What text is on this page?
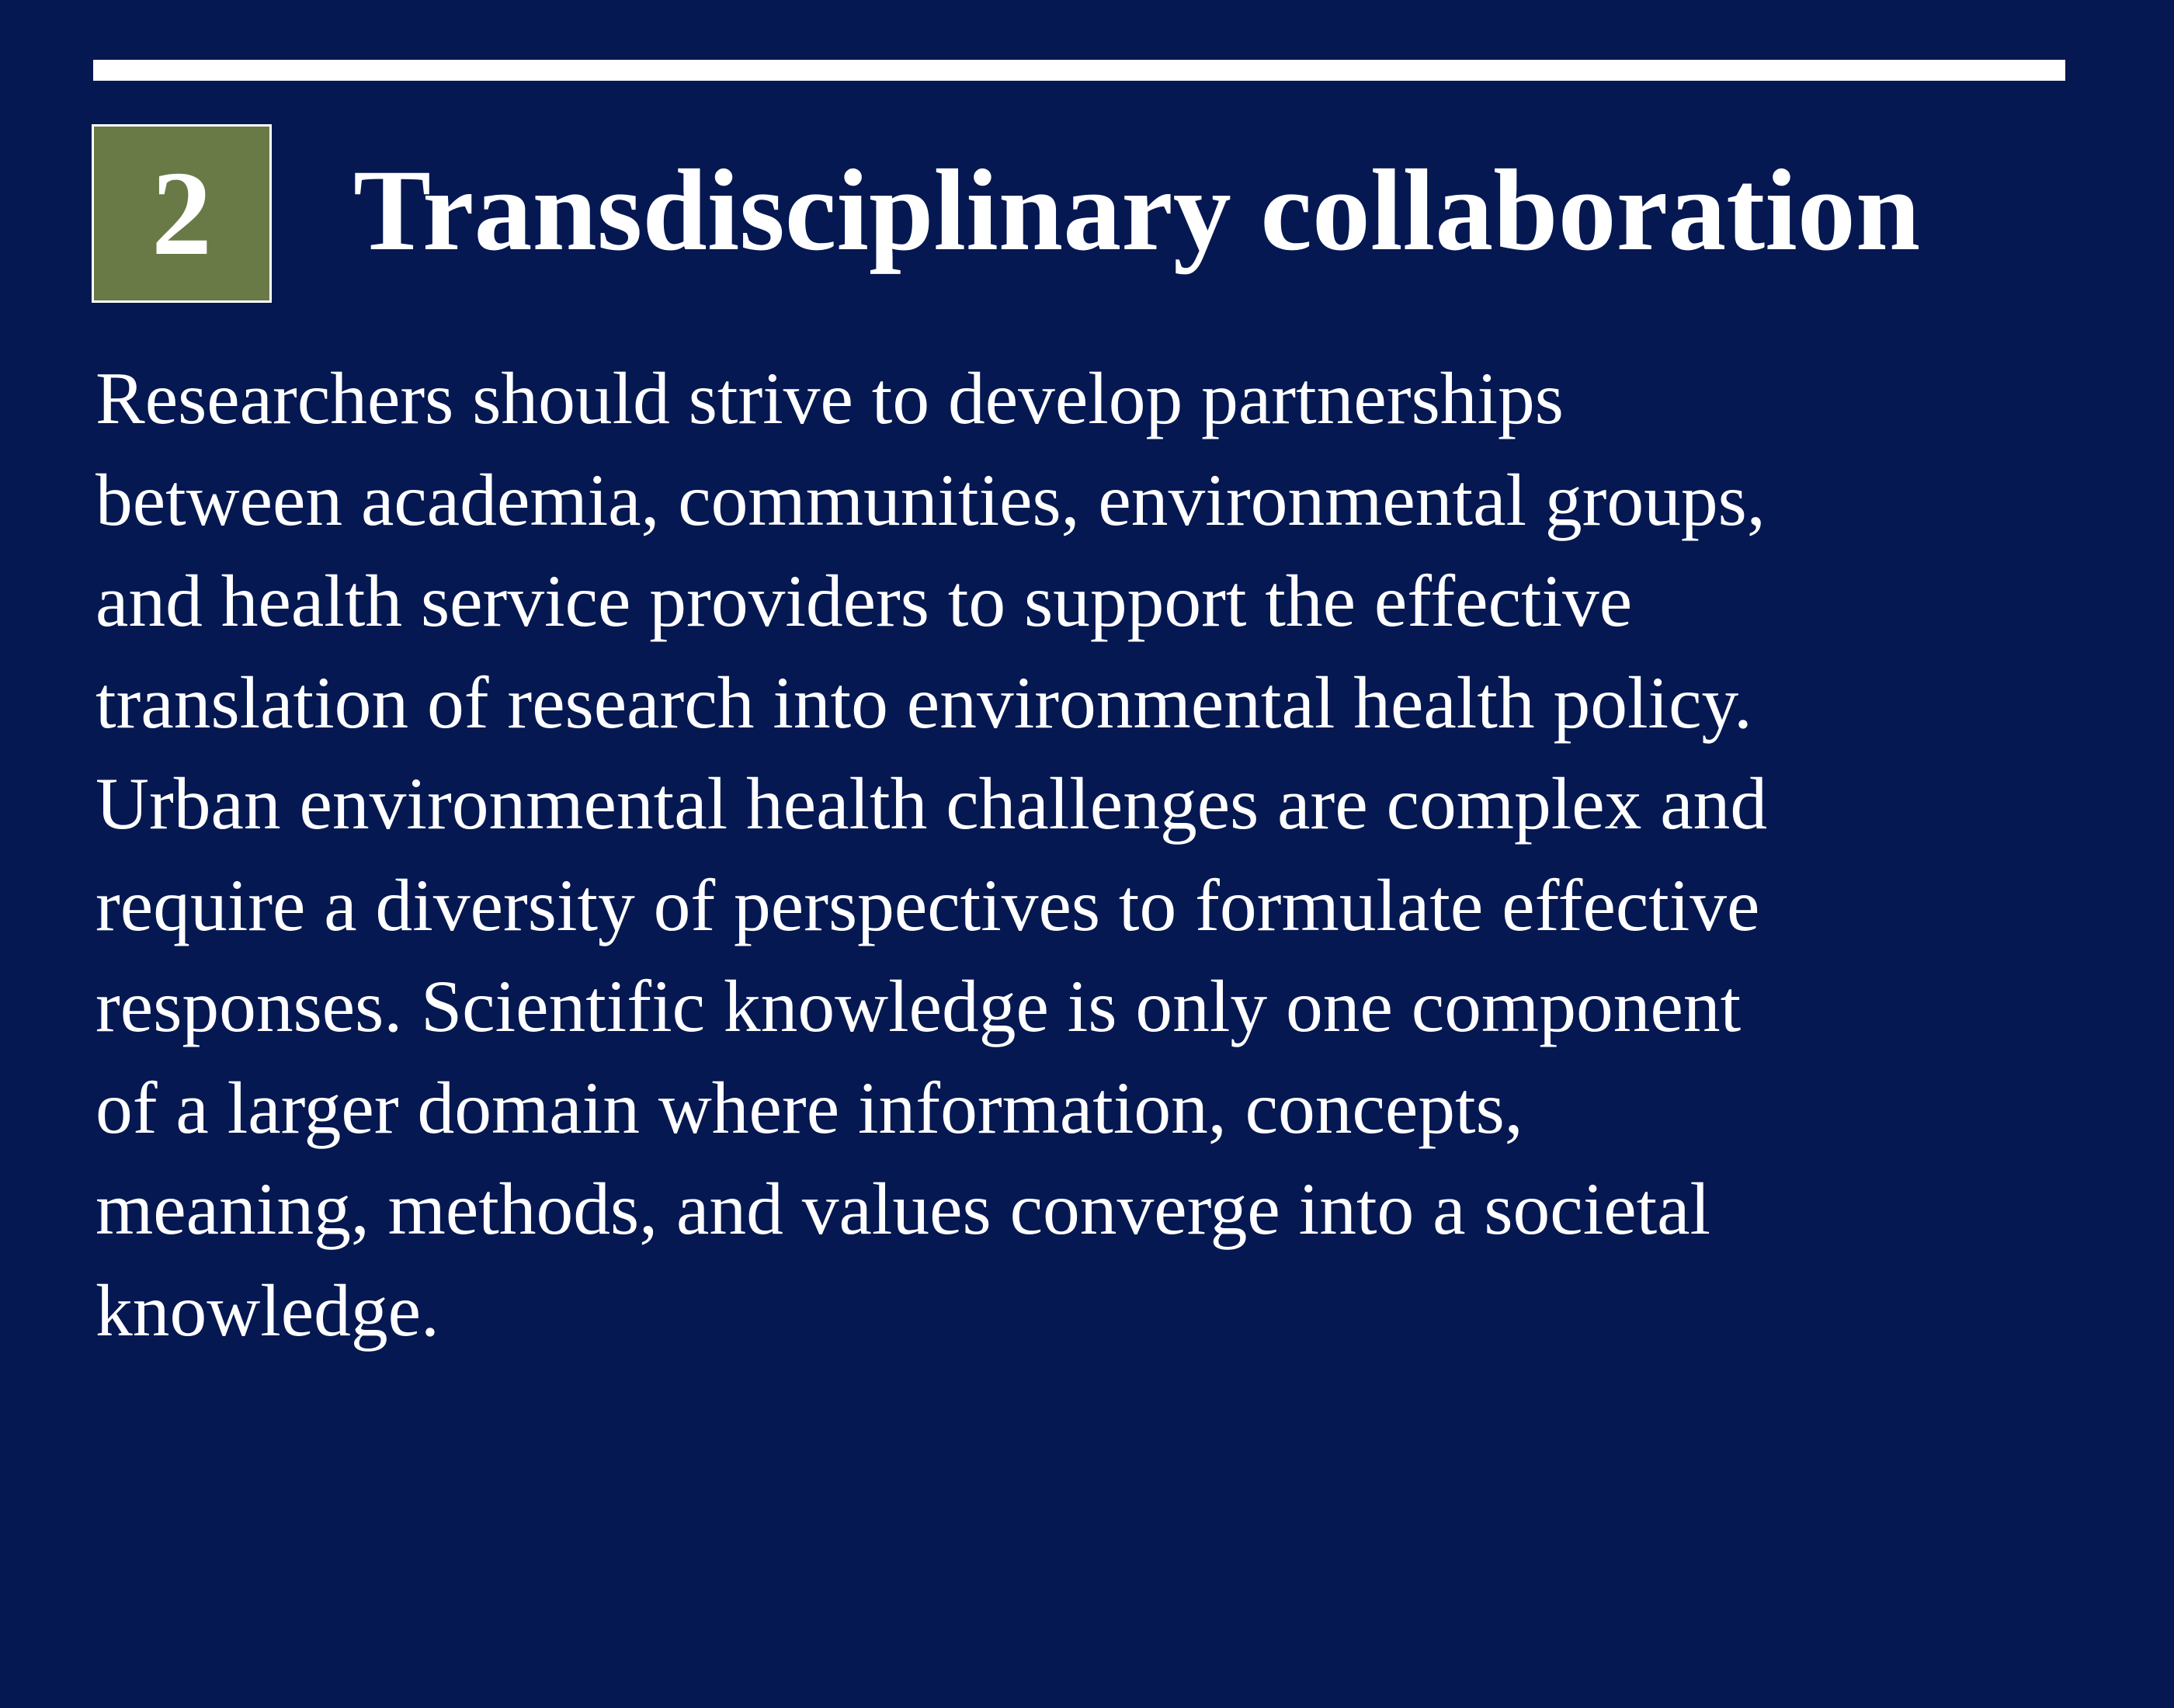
2	Transdisciplinary collaboration
Researchers should strive to develop partnerships
between academia, communities, environmental groups,
and health service providers to support the effective
translation of research into environmental health policy.
Urban environmental health challenges are complex and
require a diversity of perspectives to formulate effective
responses. Scientific knowledge is only one component
of a larger domain where information, concepts,
meaning, methods, and values converge into a societal
knowledge.
